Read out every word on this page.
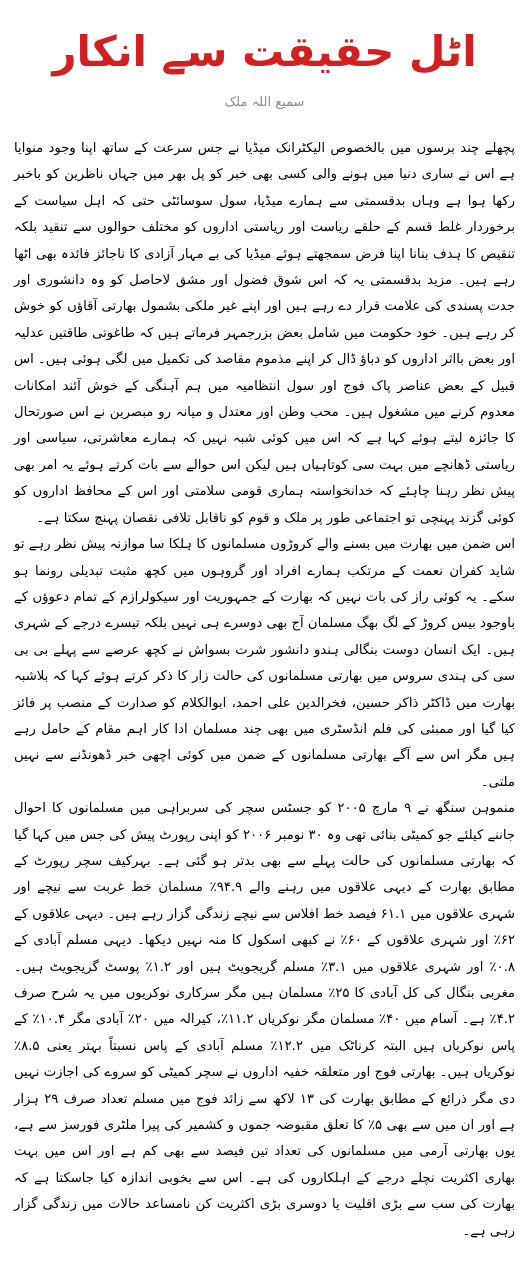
اٹل حقیقت سے انکار
سمیع اللہ ملک

پچھلے چند برسوں میں بالخصوص الیکٹرانک میڈیا نے جس سرعت کے ساتھ اپنا وجود منوایا ہے اس نے ساری دنیا میں ہونے والی کسی بھی خبر کو پل بھر میں جہاں ناظرین کو باخبر رکھا ہوا ہے وہاں بدقسمتی سے ہمارے میڈیا، سول سوسائٹی حتی کہ اہل سیاست کے برخوردار غلط قسم کے حلقے ریاست اور ریاستی اداروں کو مختلف حوالوں سے تنقید بلکہ تنقیص کا ہدف بنانا اپنا فرض سمجھتے ہوئے میڈیا کی بے مہار آزادی کا ناجائز فائدہ بھی اٹھا رہے ہیں۔ مزید بدقسمتی یہ کہ اس شوق فضول اور مشق لاحاصل کو وہ دانشوری اور جدت پسندی کی علامت قرار دے رہے ہیں اور اپنے غیر ملکی بشمول بھارتی آقاؤں کو خوش کر رہے ہیں۔ خود حکومت میں شامل بعض بزرجمہر فرماتے ہیں کہ طاغوتی طاقتیں عدلیہ اور بعض بااثر اداروں کو دباؤ ڈال کر اپنے مذموم مقاصد کی تکمیل میں لگی ہوئی ہیں۔ اس قبیل کے بعض عناصر پاک فوج اور سول انتظامیہ میں ہم آہنگی کے خوش آئند امکانات معدوم کرنے میں مشغول ہیں۔ محب وطن اور معتدل و میانہ رو مبصرین نے اس صورتحال کا جائزہ لیتے ہوئے کہا ہے کہ اس میں کوئی شبہ نہیں کہ ہمارے معاشرتی، سیاسی اور ریاستی ڈھانچے میں بہت سی کوتاہیاں ہیں لیکن اس حوالے سے بات کرتے ہوئے یہ امر بھی پیش نظر رہنا چاہئے کہ خدانخواستہ ہماری قومی سلامتی اور اس کے محافظ اداروں کو کوئی گزند پہنچی تو اجتماعی طور پر ملک و قوم کو ناقابل تلافی نقصان پہنچ سکتا ہے۔

اس ضمن میں بھارت میں بسنے والے کروڑوں مسلمانوں کا ہلکا سا موازنہ پیش نظر رہے تو شاید کفران نعمت کے مرتکب ہمارے افراد اور گروہوں میں کچھ مثبت تبدیلی رونما ہو سکے۔ یہ کوئی راز کی بات نہیں کہ بھارت کے جمہوریت اور سیکولرازم کے تمام دعوؤں کے باوجود بیس کروڑ کے لگ بھگ مسلمان آج بھی دوسرے ہی نہیں بلکہ تیسرے درجے کے شہری ہیں۔ ایک انسان دوست بنگالی ہندو دانشور شرت بسواش نے کچھ عرصے سے پہلے بی بی سی کی ہندی سروس میں بھارتی مسلمانوں کی حالت زار کا ذکر کرتے ہوئے کہا کہ بلاشبہ بھارت میں ڈاکٹر ذاکر حسین، فخرالدین علی احمد، ابوالکلام کو صدارت کے منصب پر فائز کیا گیا اور ممبئی کی فلم انڈسٹری میں بھی چند مسلمان ادا کار اہم مقام کے حامل رہے ہیں مگر اس سے آگے بھارتی مسلمانوں کے ضمن میں کوئی اچھی خبر ڈھونڈنے سے نہیں ملتی۔

منموہن سنگھ نے ۹ مارچ ۲۰۰۵ کو جسٹس سچر کی سربراہی میں مسلمانوں کا احوال جاننے کیلئے جو کمیٹی بنائی تھی وہ ۳۰ نومبر ۲۰۰۶ کو اپنی رپورٹ پیش کی جس میں کہا گیا کہ بھارتی مسلمانوں کی حالت پہلے سے بھی بدتر ہو گئی ہے۔ بہرکیف سچر رپورٹ کے مطابق بھارت کے دیہی علاقوں میں رہنے والے ۹۴.۹٪ مسلمان خط غربت سے نیچے اور شہری علاقوں میں ۶۱.۱ فیصد خط افلاس سے نیچے زندگی گزار رہے ہیں۔ دیہی علاقوں کے ۶۲٪ اور شہری علاقوں کے ۶۰٪ نے کبھی اسکول کا منہ نہیں دیکھا۔ دیہی مسلم آبادی کے ۰.۸٪ اور شہری علاقوں میں ۳.۱٪ مسلم گریجویٹ ہیں اور ۱.۲٪ پوسٹ گریجویٹ ہیں۔ مغربی بنگال کی کل آبادی کا ۲۵٪ مسلمان ہیں مگر سرکاری نوکریوں میں یہ شرح صرف ۴.۲٪ ہے۔ آسام میں ۴۰٪ مسلمان مگر نوکریاں ۱۱.۲٪، کیرالہ میں ۲۰٪ آبادی مگر ۱۰.۴٪ کے پاس نوکریاں ہیں البتہ کرناٹک میں ۱۲.۲٪ مسلم آبادی کے پاس نسبتاً بہتر یعنی ۸.۵٪ نوکریاں ہیں۔ بھارتی فوج اور متعلقہ خفیہ اداروں نے سچر کمیٹی کو سروے کی اجازت نہیں دی مگر ذرائع کے مطابق بھارت کی ۱۳ لاکھ سے زائد فوج میں مسلم تعداد صرف ۲۹ ہزار ہے اور ان میں سے بھی ۵٪ کا تعلق مقبوضہ جموں و کشمیر کی پیرا ملٹری فورسز سے ہے، یوں بھارتی آرمی میں مسلمانوں کی تعداد تین فیصد سے بھی کم ہے اور اس میں بہت بھاری اکثریت نچلے درجے کے اہلکاروں کی ہے۔ اس سے بخوبی اندازہ کیا جاسکتا ہے کہ بھارت کی سب سے بڑی اقلیت یا دوسری بڑی اکثریت کن نامساعد حالات میں زندگی گزار رہی ہے۔
